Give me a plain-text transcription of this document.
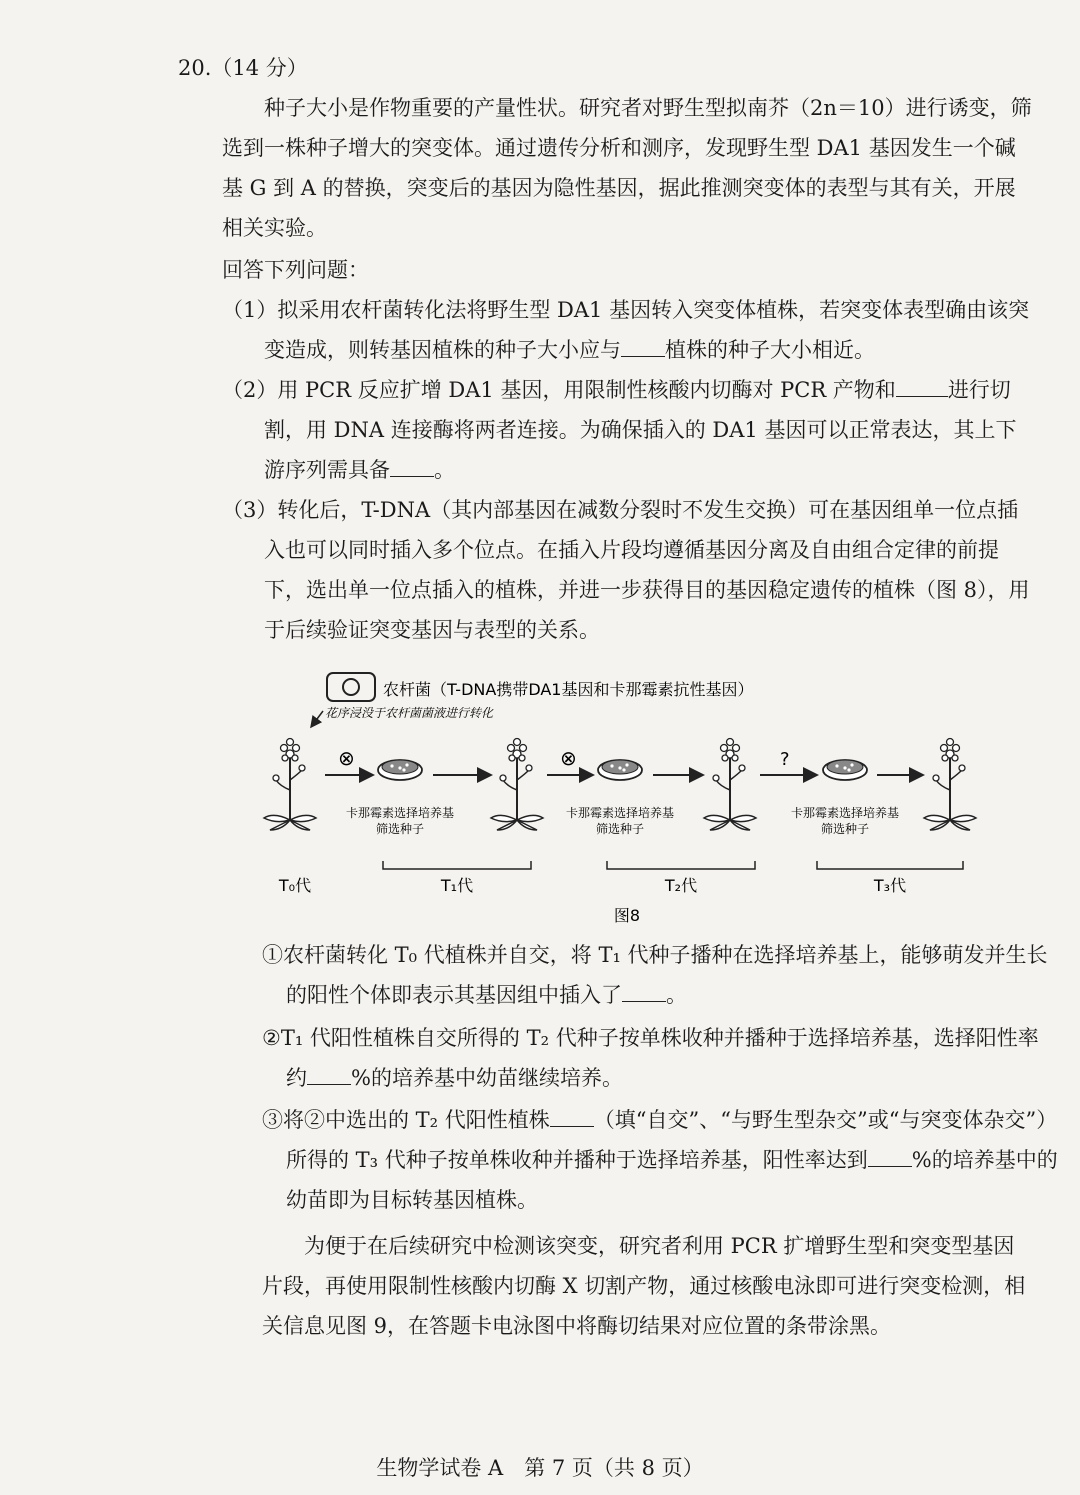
20.（14 分）

种子大小是作物重要的产量性状。研究者对野生型拟南芥（2n＝10）进行诱变，筛选到一株种子增大的突变体。通过遗传分析和测序，发现野生型 DA1 基因发生一个碱基 G 到 A 的替换，突变后的基因为隐性基因，据此推测突变体的表型与其有关，开展相关实验。

回答下列问题：

（1）拟采用农杆菌转化法将野生型 DA1 基因转入突变体植株，若突变体表型确由该突变造成，则转基因植株的种子大小应与 植株的种子大小相近。
（2）用 PCR 反应扩增 DA1 基因，用限制性核酸内切酶对 PCR 产物和 进行切割，用 DNA 连接酶将两者连接。为确保插入的 DA1 基因可以正常表达，其上下游序列需具备 。
（3）转化后，T-DNA（其内部基因在减数分裂时不发生交换）可在基因组单一位点插入也可以同时插入多个位点。在插入片段均遵循基因分离及自由组合定律的前提下，选出单一位点插入的植株，并进一步获得目的基因稳定遗传的植株（图 8），用于后续验证突变基因与表型的关系。
农杆菌（T-DNA携带DA1基因和卡那霉素抗性基因）
花序浸没于农杆菌菌液进行转化
⊗	⊗	?
卡那霉素选择培养基
筛选种子
卡那霉素选择培养基
筛选种子
卡那霉素选择培养基
筛选种子
T₀代	T₁代	T₂代	T₃代
图8
①农杆菌转化 T₀ 代植株并自交，将 T₁ 代种子播种在选择培养基上，能够萌发并生长的阳性个体即表示其基因组中插入了 。
②T₁ 代阳性植株自交所得的 T₂ 代种子按单株收种并播种于选择培养基，选择阳性率约 %的培养基中幼苗继续培养。
③将②中选出的 T₂ 代阳性植株 （填“自交”、“与野生型杂交”或“与突变体杂交”）所得的 T₃ 代种子按单株收种并播种于选择培养基，阳性率达到 %的培养基中的幼苗即为目标转基因植株。

为便于在后续研究中检测该突变，研究者利用 PCR 扩增野生型和突变型基因片段，再使用限制性核酸内切酶 X 切割产物，通过核酸电泳即可进行突变检测，相关信息见图 9，在答题卡电泳图中将酶切结果对应位置的条带涂黑。

生物学试卷 A　第 7 页（共 8 页）
